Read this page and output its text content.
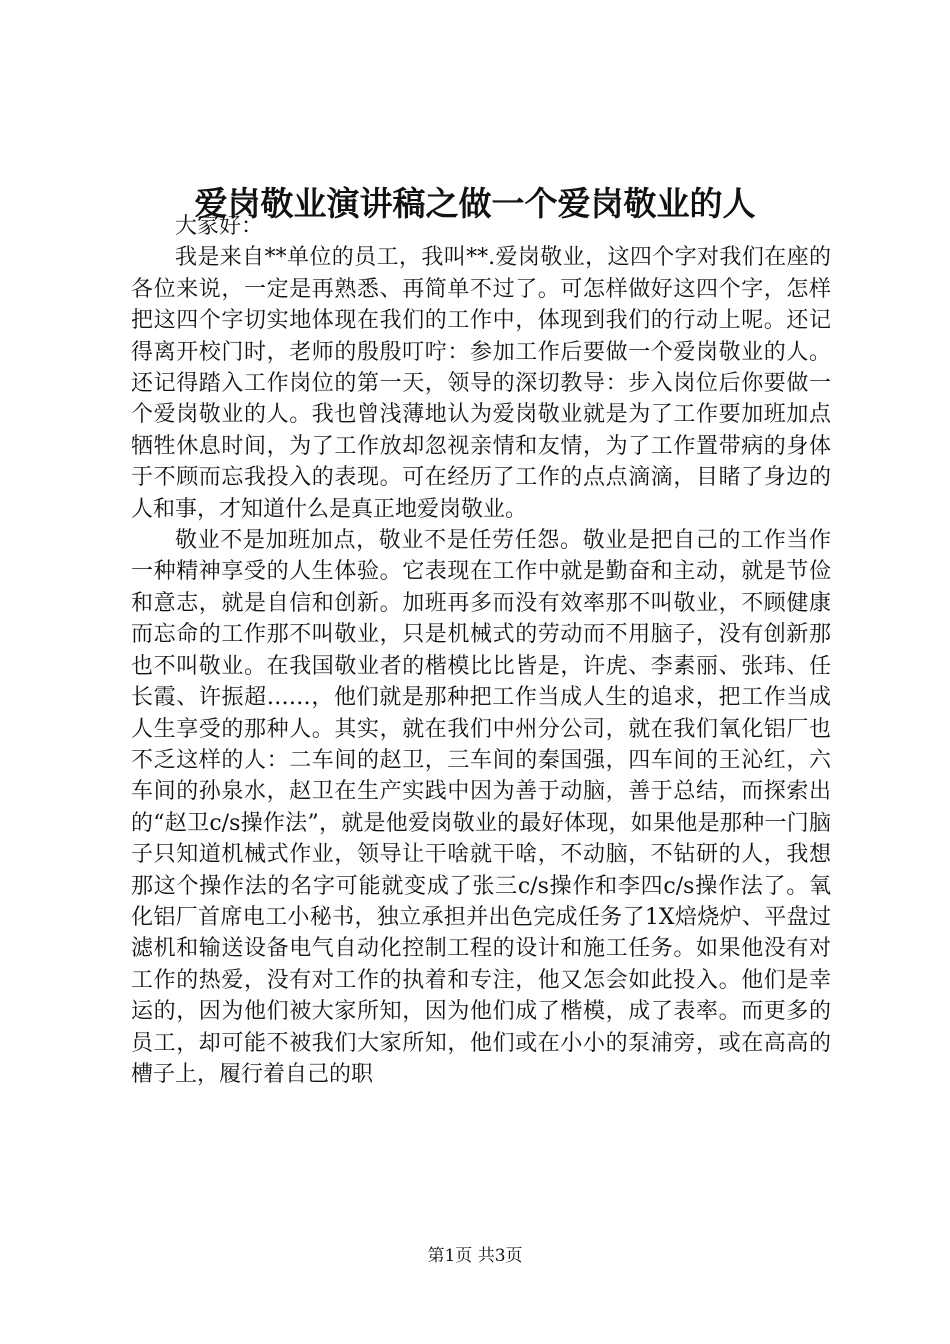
爱岗敬业演讲稿之做一个爱岗敬业的人

大家好：

我是来自**单位的员工，我叫**.爱岗敬业，这四个字对我们在座的各位来说，一定是再熟悉、再简单不过了。可怎样做好这四个字，怎样把这四个字切实地体现在我们的工作中，体现到我们的行动上呢。还记得离开校门时，老师的殷殷叮咛：参加工作后要做一个爱岗敬业的人。还记得踏入工作岗位的第一天，领导的深切教导：步入岗位后你要做一个爱岗敬业的人。我也曾浅薄地认为爱岗敬业就是为了工作要加班加点牺牲休息时间，为了工作放却忽视亲情和友情，为了工作置带病的身体于不顾而忘我投入的表现。可在经历了工作的点点滴滴，目睹了身边的人和事，才知道什么是真正地爱岗敬业。

敬业不是加班加点，敬业不是任劳任怨。敬业是把自己的工作当作一种精神享受的人生体验。它表现在工作中就是勤奋和主动，就是节俭和意志，就是自信和创新。加班再多而没有效率那不叫敬业，不顾健康而忘命的工作那不叫敬业，只是机械式的劳动而不用脑子，没有创新那也不叫敬业。在我国敬业者的楷模比比皆是，许虎、李素丽、张玮、任长霞、许振超……，他们就是那种把工作当成人生的追求，把工作当成人生享受的那种人。其实，就在我们中州分公司，就在我们氧化铝厂也不乏这样的人：二车间的赵卫，三车间的秦国强，四车间的王沁红，六车间的孙泉水，赵卫在生产实践中因为善于动脑，善于总结，而探索出的“赵卫c/s操作法”，就是他爱岗敬业的最好体现，如果他是那种一门脑子只知道机械式作业，领导让干啥就干啥，不动脑，不钻研的人，我想那这个操作法的名字可能就变成了张三c/s操作和李四c/s操作法了。氧化铝厂首席电工小秘书，独立承担并出色完成任务了1X焙烧炉、平盘过滤机和输送设备电气自动化控制工程的设计和施工任务。如果他没有对工作的热爱，没有对工作的执着和专注，他又怎会如此投入。他们是幸运的，因为他们被大家所知，因为他们成了楷模，成了表率。而更多的员工，却可能不被我们大家所知，他们或在小小的泵浦旁，或在高高的槽子上，履行着自己的职

第1页 共3页
